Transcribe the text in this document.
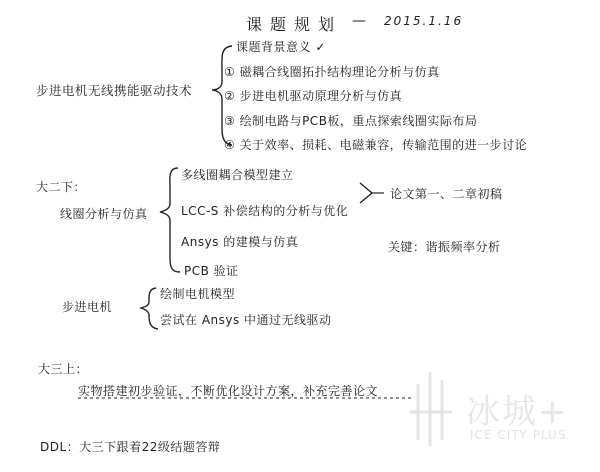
课题规划 — 2015.1.16
步进电机无线携能驱动技术
课题背景意义 ✓
① 磁耦合线圈拓扑结构理论分析与仿真
② 步进电机驱动原理分析与仿真
③ 绘制电路与PCB板，重点探索线圈实际布局
④ 关于效率、损耗、电磁兼容，传输范围的进一步讨论
大二下：
线圈分析与仿真
多线圈耦合模型建立
LCC-S 补偿结构的分析与优化
Ansys 的建模与仿真
PCB 验证
论文第一、二章初稿
关键：谐振频率分析
步进电机
绘制电机模型
尝试在 Ansys 中通过无线驱动
大三上：
实物搭建初步验证，不断优化设计方案，补充完善论文
冰城+
ICE CITY PLUS
DDL：大三下跟着22级结题答辩
